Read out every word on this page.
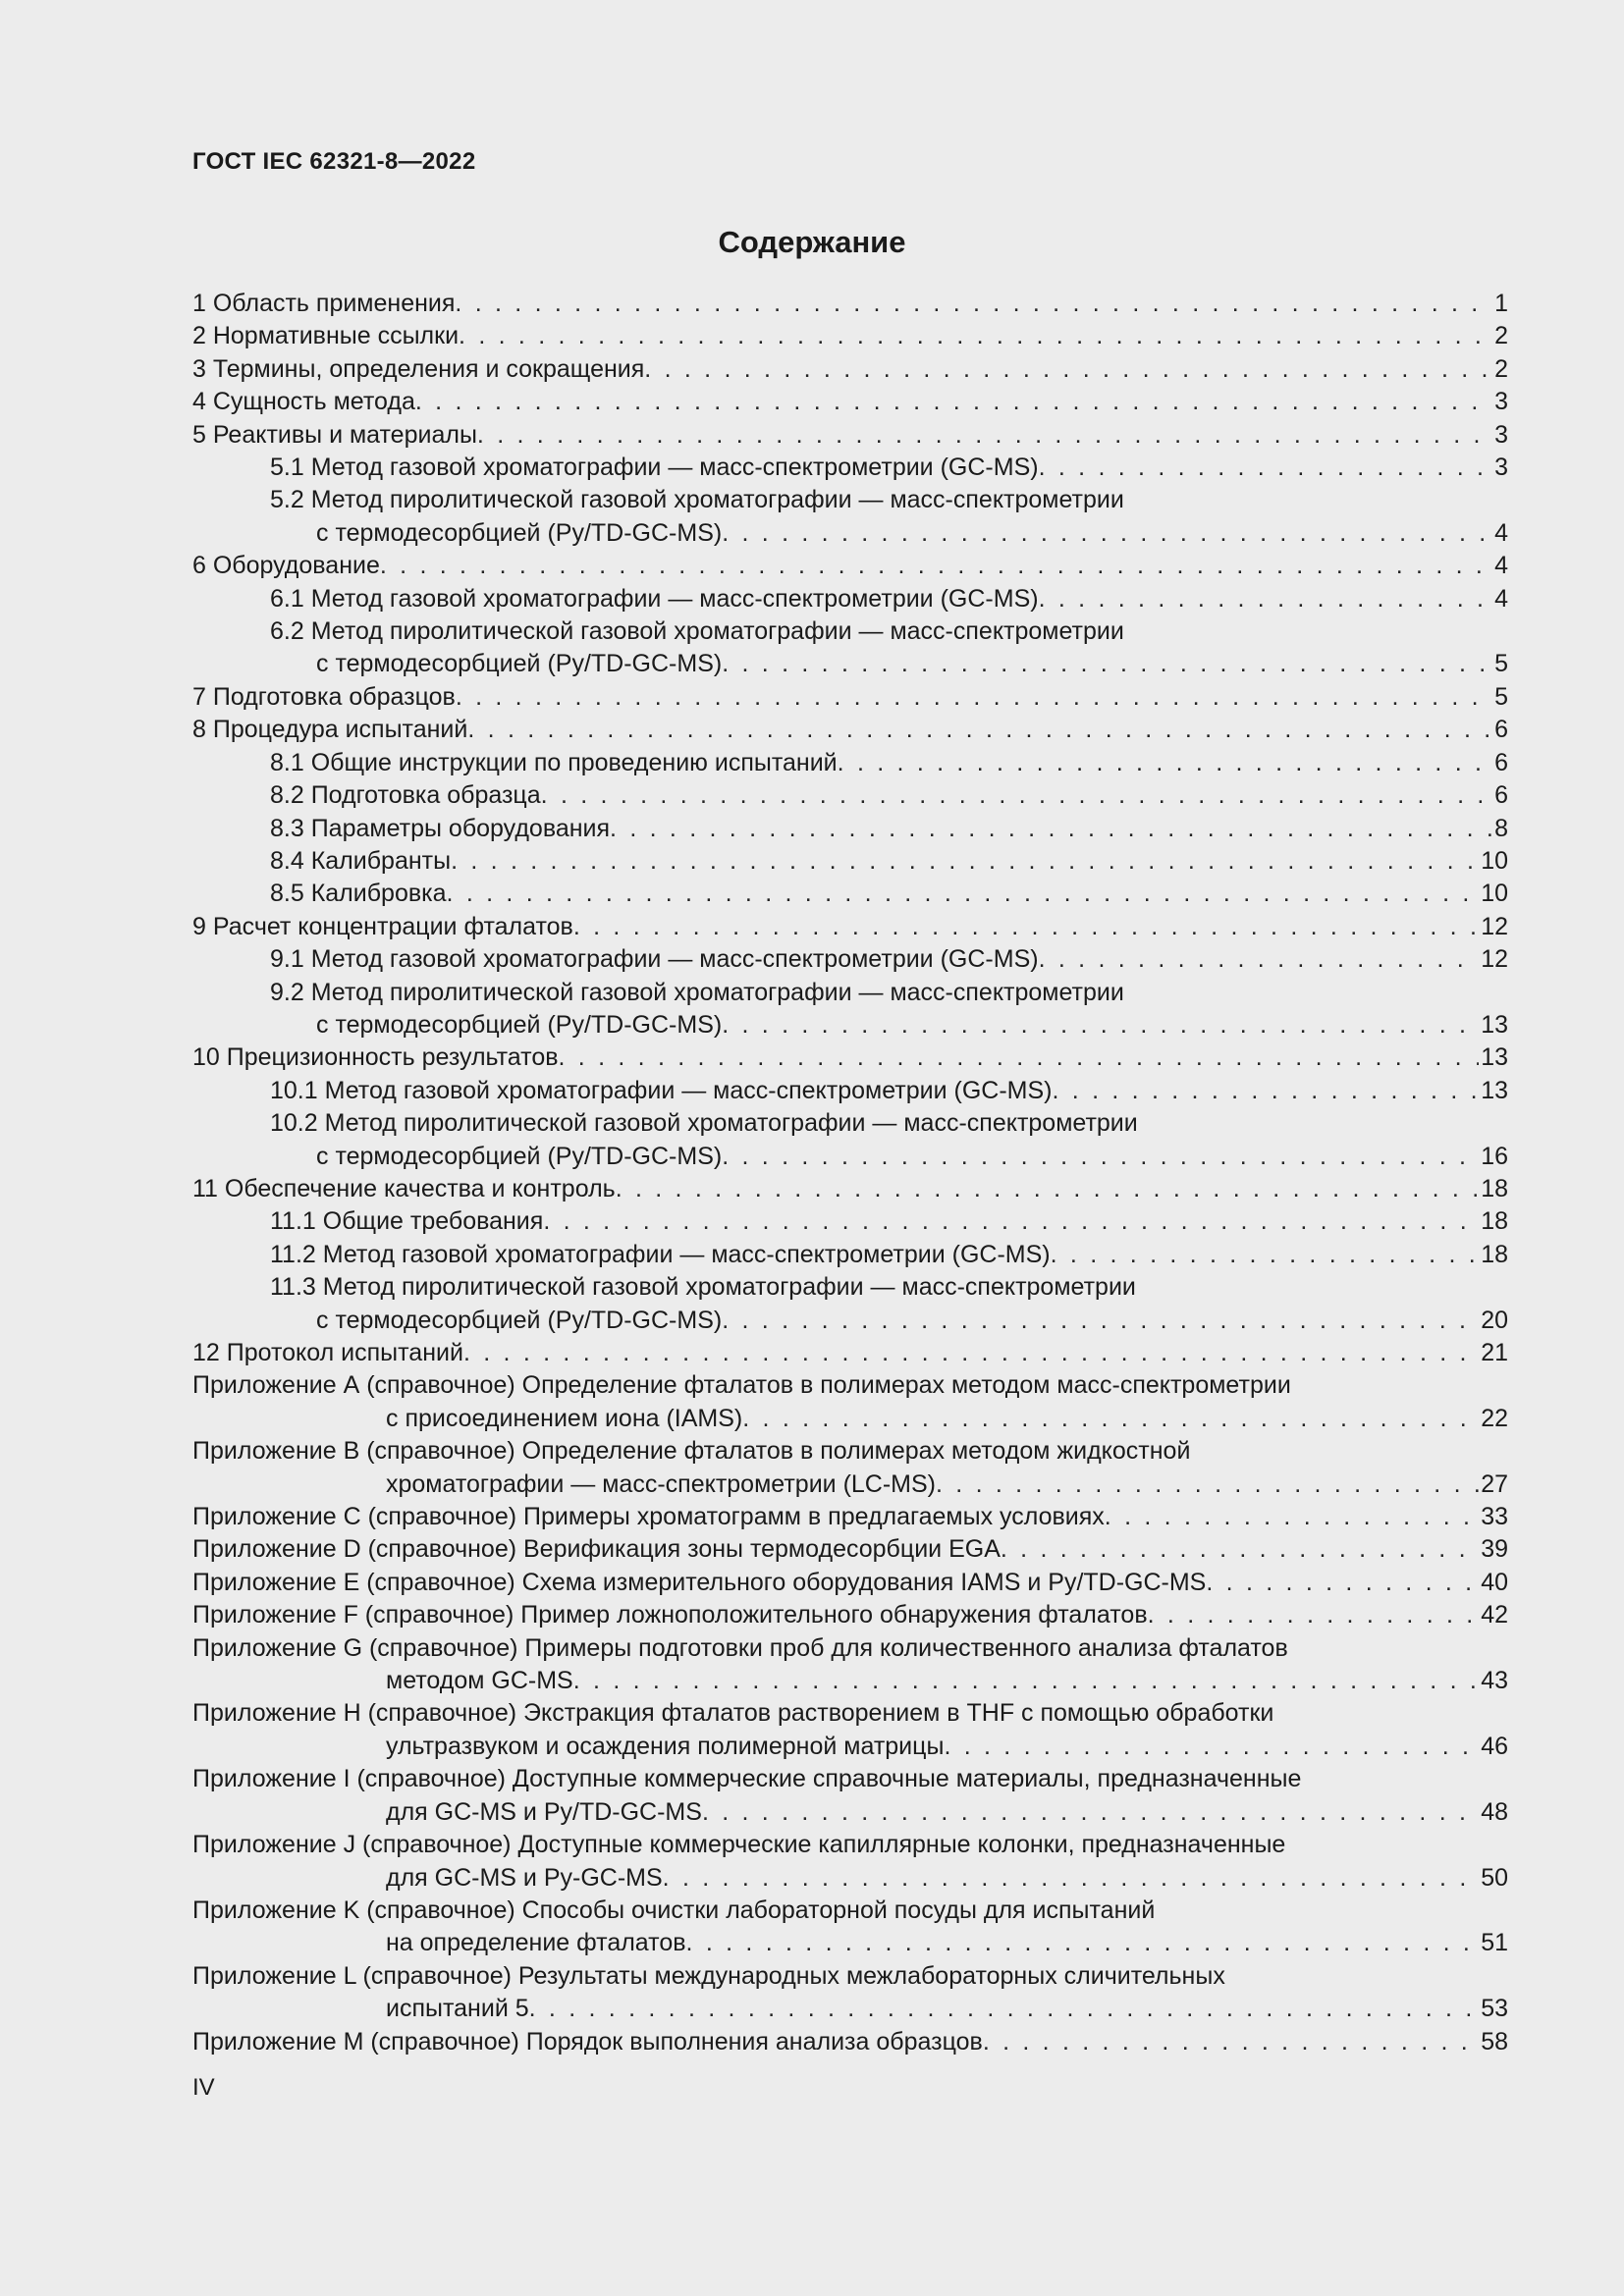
ГОСТ IEC 62321-8—2022
Содержание
1 Область применения . . .	1
2 Нормативные ссылки . . .	2
3 Термины, определения и сокращения . . .	2
4 Сущность метода . . .	3
5 Реактивы и материалы . . .	3
5.1 Метод газовой хроматографии — масс-спектрометрии (GC-MS) . . .	3
5.2 Метод пиролитической газовой хроматографии — масс-спектрометрии
с термодесорбцией (Py/TD-GC-MS) . . .	4
6 Оборудование . . .	4
6.1 Метод газовой хроматографии — масс-спектрометрии (GC-MS) . . .	4
6.2 Метод пиролитической газовой хроматографии — масс-спектрометрии
с термодесорбцией (Py/TD-GC-MS) . . .	5
7 Подготовка образцов . . .	5
8 Процедура испытаний . . .	6
8.1 Общие инструкции по проведению испытаний . . .	6
8.2 Подготовка образца . . .	6
8.3 Параметры оборудования . . .	8
8.4 Калибранты . . .	10
8.5 Калибровка . . .	10
9 Расчет концентрации фталатов . . .	12
9.1 Метод газовой хроматографии — масс-спектрометрии (GC-MS) . . .	12
9.2 Метод пиролитической газовой хроматографии — масс-спектрометрии
с термодесорбцией (Py/TD-GC-MS) . . .	13
10 Прецизионность результатов . . .	13
10.1 Метод газовой хроматографии — масс-спектрометрии (GC-MS) . . .	13
10.2 Метод пиролитической газовой хроматографии — масс-спектрометрии
с термодесорбцией (Py/TD-GC-MS) . . .	16
11 Обеспечение качества и контроль . . .	18
11.1 Общие требования . . .	18
11.2 Метод газовой хроматографии — масс-спектрометрии (GC-MS) . . .	18
11.3 Метод пиролитической газовой хроматографии — масс-спектрометрии
с термодесорбцией (Py/TD-GC-MS) . . .	20
12 Протокол испытаний . . .	21
Приложение А (справочное) Определение фталатов в полимерах методом масс-спектрометрии
с присоединением иона (IAMS) . . .	22
Приложение В (справочное) Определение фталатов в полимерах методом жидкостной
хроматографии — масс-спектрометрии (LC-MS) . . .	27
Приложение С (справочное) Примеры хроматограмм в предлагаемых условиях . . .	33
Приложение D (справочное) Верификация зоны термодесорбции EGA . . .	39
Приложение Е (справочное) Схема измерительного оборудования IAMS и Py/TD-GC-MS . . .	40
Приложение F (справочное) Пример ложноположительного обнаружения фталатов . . .	42
Приложение G (справочное) Примеры подготовки проб для количественного анализа фталатов
методом GC-MS . . .	43
Приложение Н (справочное) Экстракция фталатов растворением в THF с помощью обработки
ультразвуком и осаждения полимерной матрицы . . .	46
Приложение I (справочное) Доступные коммерческие справочные материалы, предназначенные
для GC-MS и Py/TD-GC-MS . . .	48
Приложение J (справочное) Доступные коммерческие капиллярные колонки, предназначенные
для GC-MS и Py-GC-MS . . .	50
Приложение K (справочное) Способы очистки лабораторной посуды для испытаний
на определение фталатов . . .	51
Приложение L (справочное) Результаты международных межлабораторных сличительных
испытаний 5 . . .	53
Приложение М (справочное) Порядок выполнения анализа образцов . . .	58
IV
